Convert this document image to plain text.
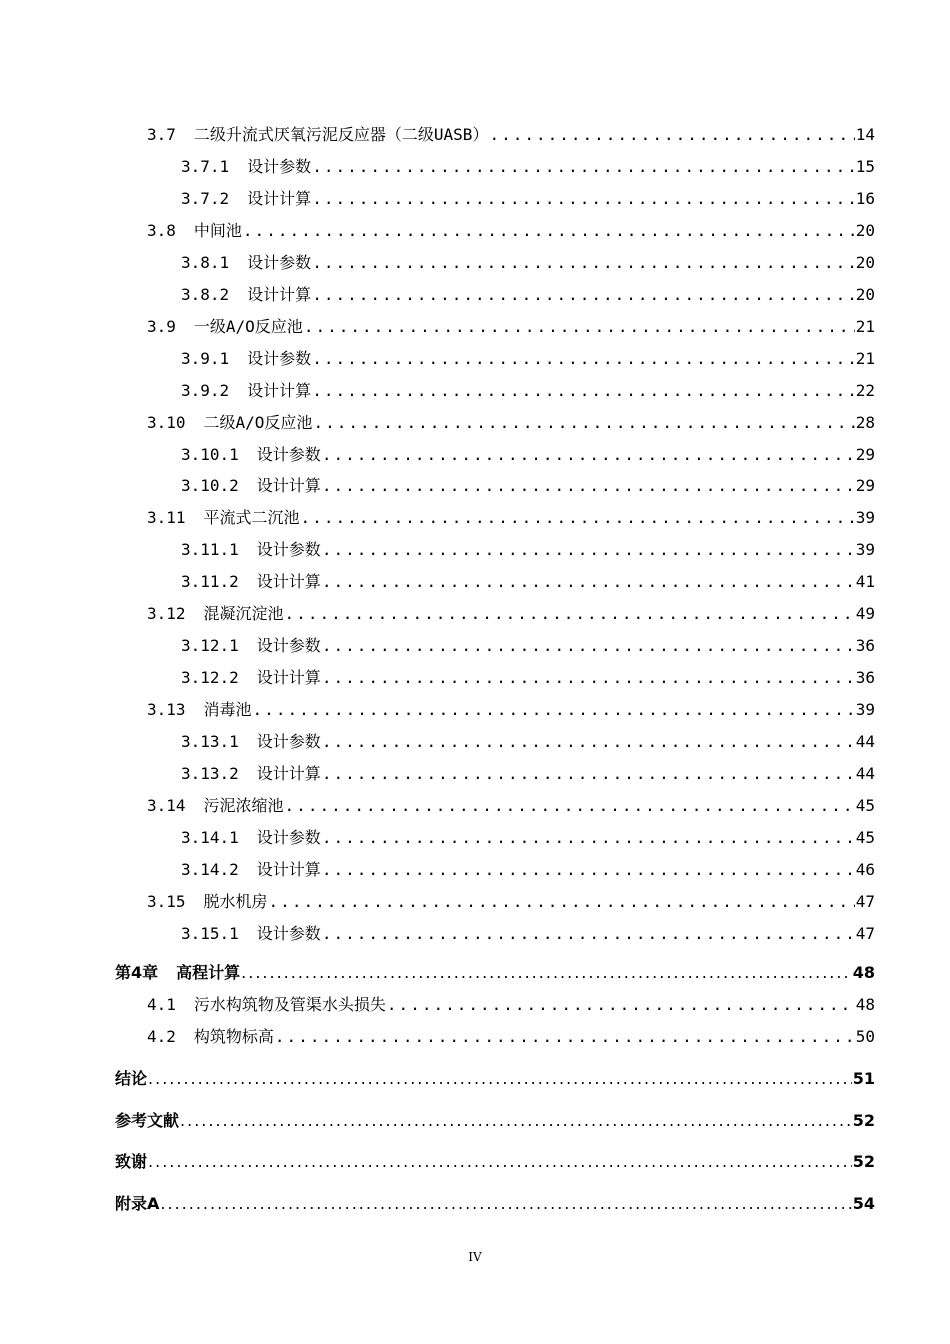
3.7 二级升流式厌氧污泥反应器（二级UASB） .....	14
3.7.1 设计参数 .....	15
3.7.2 设计计算 .....	16
3.8 中间池 .....	20
3.8.1 设计参数 .....	20
3.8.2 设计计算 .....	20
3.9 一级A/O反应池 .....	21
3.9.1 设计参数 .....	21
3.9.2 设计计算 .....	22
3.10 二级A/O反应池 .....	28
3.10.1 设计参数 .....	29
3.10.2 设计计算 .....	29
3.11 平流式二沉池 .....	39
3.11.1 设计参数 .....	39
3.11.2 设计计算 .....	41
3.12 混凝沉淀池 .....	49
3.12.1 设计参数 .....	36
3.12.2 设计计算 .....	36
3.13 消毒池 .....	39
3.13.1 设计参数 .....	44
3.13.2 设计计算 .....	44
3.14 污泥浓缩池 .....	45
3.14.1 设计参数 .....	45
3.14.2 设计计算 .....	46
3.15 脱水机房 .....	47
3.15.1 设计参数 .....	47
第4章 高程计算 .....	48
4.1 污水构筑物及管渠水头损失 .....	48
4.2 构筑物标高 .....	50
结论 .....	51
参考文献 .....	52
致谢 .....	52
附录A .....	54
IV
